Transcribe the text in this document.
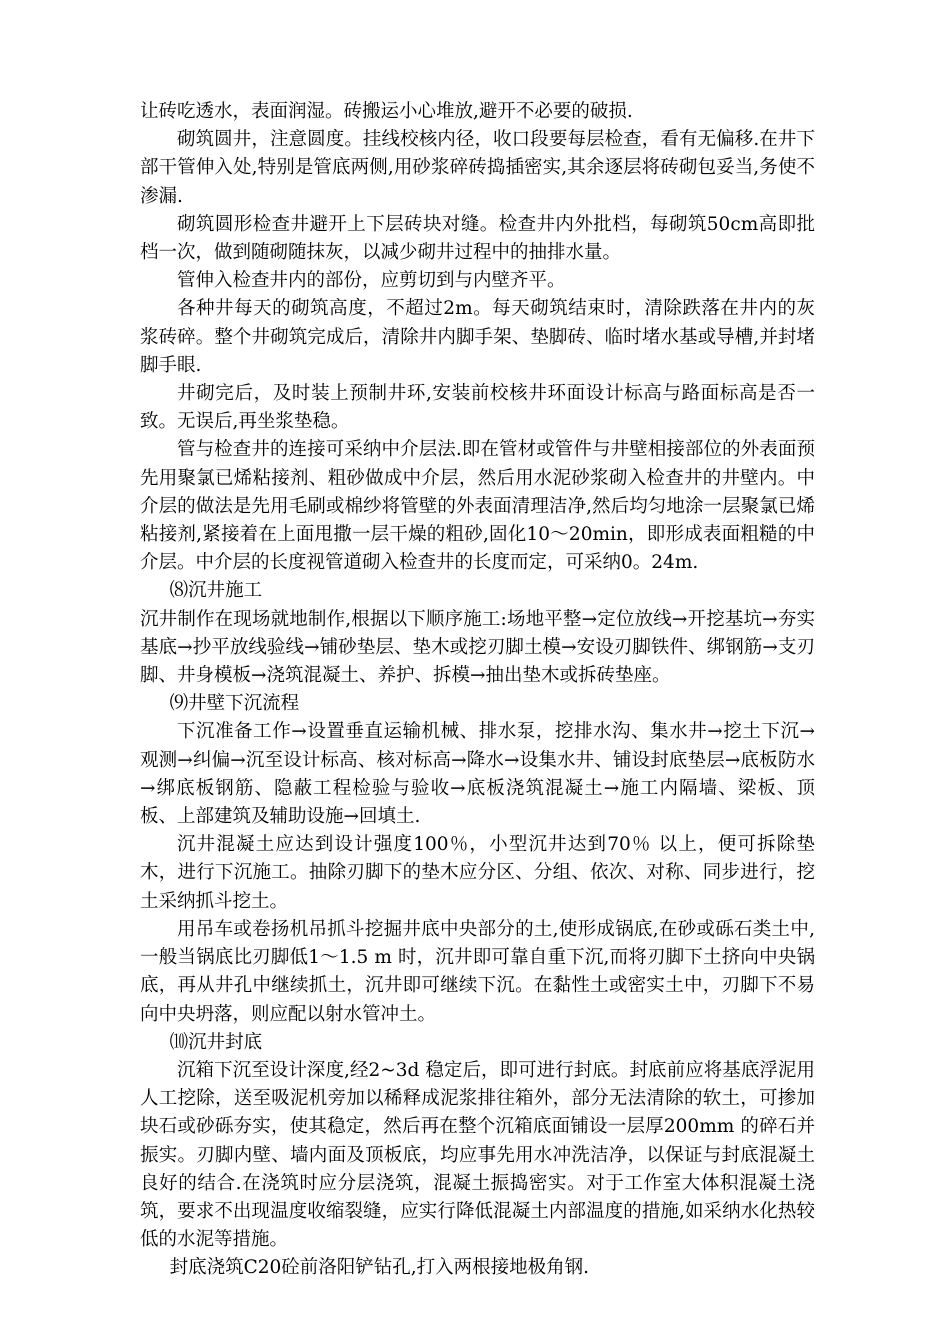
让砖吃透水，表面润湿。砖搬运小心堆放,避开不必要的破损.

砌筑圆井，注意圆度。挂线校核内径，收口段要每层检查，看有无偏移.在井下部干管伸入处,特别是管底两侧,用砂浆碎砖捣插密实,其余逐层将砖砌包妥当,务使不渗漏.

砌筑圆形检查井避开上下层砖块对缝。检查井内外批档，每砌筑50cm高即批档一次，做到随砌随抹灰，以减少砌井过程中的抽排水量。

管伸入检查井内的部份，应剪切到与内壁齐平。

各种井每天的砌筑高度，不超过2m。每天砌筑结束时，清除跌落在井内的灰浆砖碎。整个井砌筑完成后，清除井内脚手架、垫脚砖、临时堵水基或导槽,并封堵脚手眼.

井砌完后，及时装上预制井环,安装前校核井环面设计标高与路面标高是否一致。无误后,再坐浆垫稳。

管与检查井的连接可采纳中介层法.即在管材或管件与井壁相接部位的外表面预先用聚氯已烯粘接剂、粗砂做成中介层，然后用水泥砂浆砌入检查井的井壁内。中介层的做法是先用毛刷或棉纱将管壁的外表面清理洁净,然后均匀地涂一层聚氯已烯粘接剂,紧接着在上面甩撒一层干燥的粗砂,固化10～20min，即形成表面粗糙的中介层。中介层的长度视管道砌入检查井的长度而定，可采纳0。24m.

⑻沉井施工

沉井制作在现场就地制作,根据以下顺序施工:场地平整→定位放线→开挖基坑→夯实基底→抄平放线验线→铺砂垫层、垫木或挖刃脚土模→安设刃脚铁件、绑钢筋→支刃脚、井身模板→浇筑混凝土、养护、拆模→抽出垫木或拆砖垫座。

⑼井壁下沉流程

下沉准备工作→设置垂直运输机械、排水泵，挖排水沟、集水井→挖土下沉→观测→纠偏→沉至设计标高、核对标高→降水→设集水井、铺设封底垫层→底板防水→绑底板钢筋、隐蔽工程检验与验收→底板浇筑混凝土→施工内隔墙、梁板、顶板、上部建筑及辅助设施→回填土.

沉井混凝土应达到设计强度100％，小型沉井达到70％ 以上，便可拆除垫木，进行下沉施工。抽除刃脚下的垫木应分区、分组、依次、对称、同步进行，挖土采纳抓斗挖土。

用吊车或卷扬机吊抓斗挖掘井底中央部分的土,使形成锅底,在砂或砾石类土中,一般当锅底比刃脚低1～1.5 m 时，沉井即可靠自重下沉,而将刃脚下土挤向中央锅底，再从井孔中继续抓土，沉井即可继续下沉。在黏性土或密实土中，刃脚下不易向中央坍落，则应配以射水管冲土。

⑽沉井封底

沉箱下沉至设计深度,经2~3d 稳定后，即可进行封底。封底前应将基底浮泥用人工挖除，送至吸泥机旁加以稀释成泥浆排往箱外，部分无法清除的软土，可掺加块石或砂砾夯实，使其稳定，然后再在整个沉箱底面铺设一层厚200mm 的碎石并振实。刃脚内壁、墙内面及顶板底，均应事先用水冲洗洁净，以保证与封底混凝土良好的结合.在浇筑时应分层浇筑，混凝土振捣密实。对于工作室大体积混凝土浇筑，要求不出现温度收缩裂缝，应实行降低混凝土内部温度的措施,如采纳水化热较低的水泥等措施。

封底浇筑C20砼前洛阳铲钻孔,打入两根接地极角钢.
